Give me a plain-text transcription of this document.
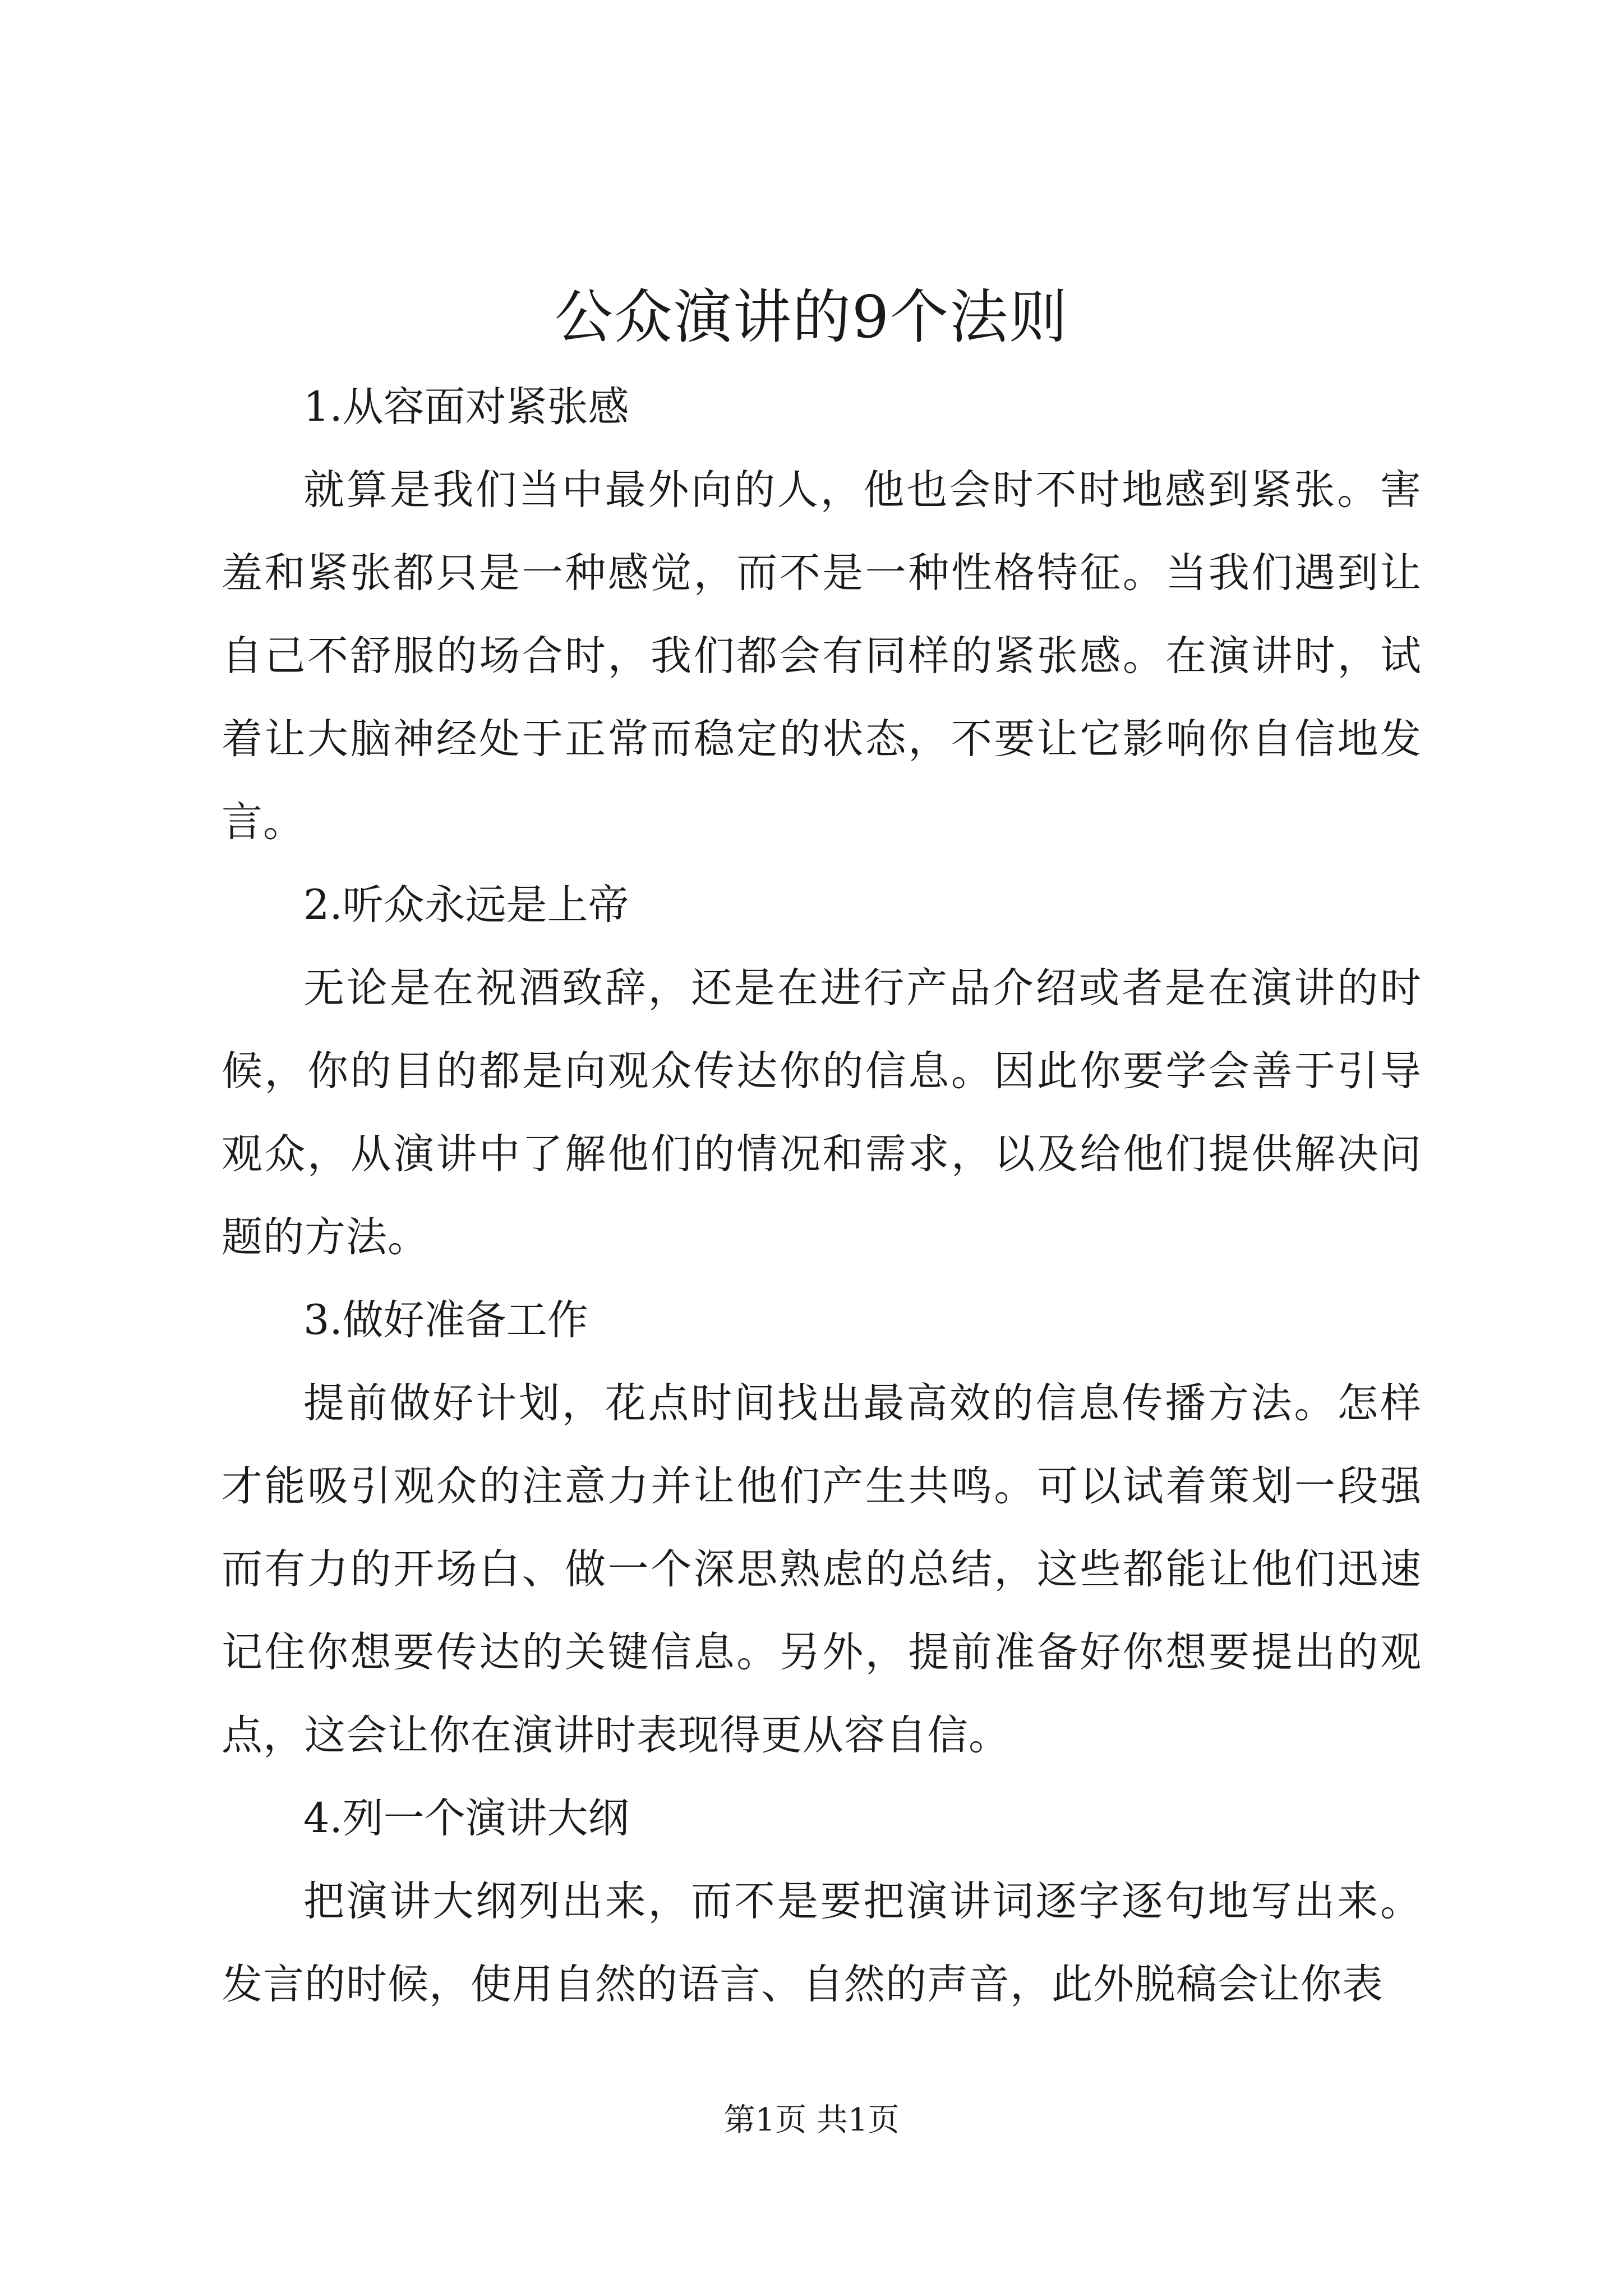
公众演讲的9个法则

1.从容面对紧张感

就算是我们当中最外向的人，他也会时不时地感到紧张。害羞和紧张都只是一种感觉，而不是一种性格特征。当我们遇到让自己不舒服的场合时，我们都会有同样的紧张感。在演讲时，试着让大脑神经处于正常而稳定的状态，不要让它影响你自信地发言。

2.听众永远是上帝

无论是在祝酒致辞，还是在进行产品介绍或者是在演讲的时候，你的目的都是向观众传达你的信息。因此你要学会善于引导观众，从演讲中了解他们的情况和需求，以及给他们提供解决问题的方法。

3.做好准备工作

提前做好计划，花点时间找出最高效的信息传播方法。怎样才能吸引观众的注意力并让他们产生共鸣。可以试着策划一段强而有力的开场白、做一个深思熟虑的总结，这些都能让他们迅速记住你想要传达的关键信息。另外，提前准备好你想要提出的观点，这会让你在演讲时表现得更从容自信。

4.列一个演讲大纲

把演讲大纲列出来，而不是要把演讲词逐字逐句地写出来。发言的时候，使用自然的语言、自然的声音，此外脱稿会让你表

第1页 共1页
